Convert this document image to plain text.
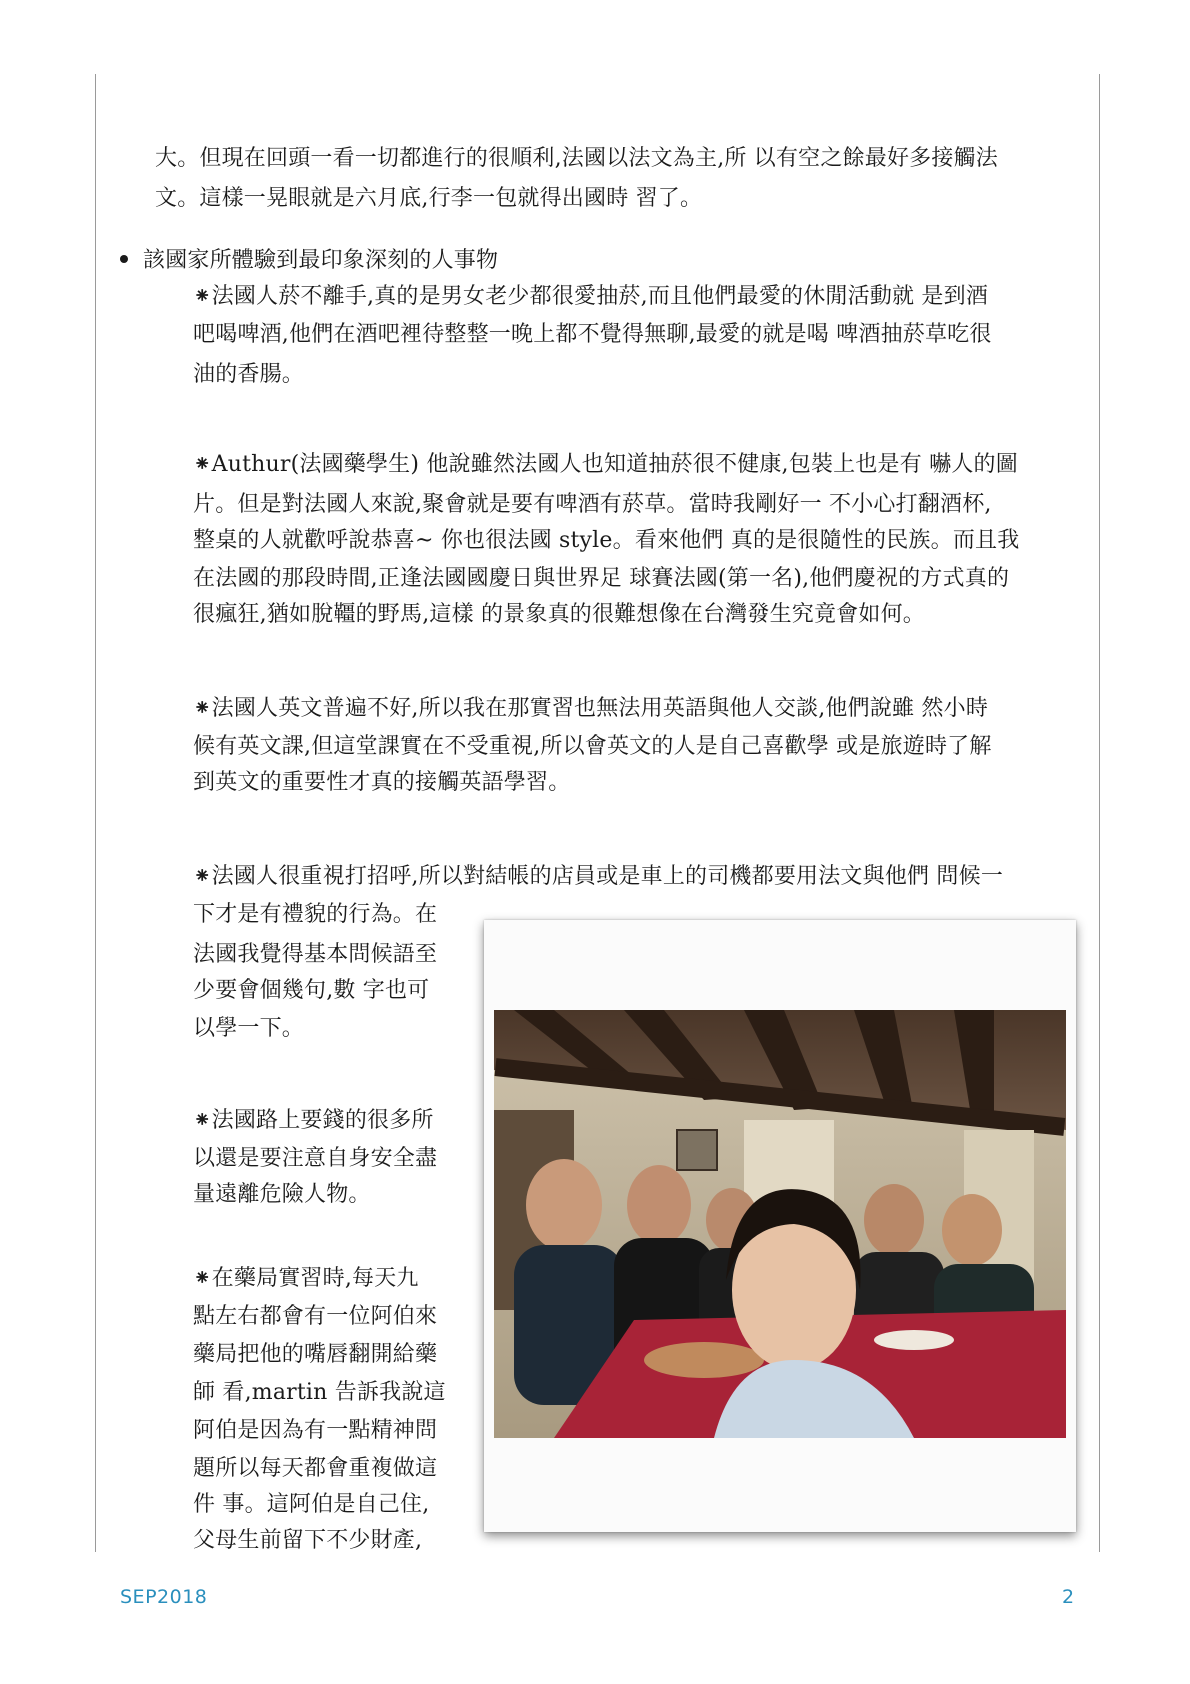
大。但現在回頭一看一切都進行的很順利,法國以法文為主,所 以有空之餘最好多接觸法
文。這樣一晃眼就是六月底,行李一包就得出國時 習了。
該國家所體驗到最印象深刻的人事物
⁕法國人菸不離手,真的是男女老少都很愛抽菸,而且他們最愛的休閒活動就 是到酒
吧喝啤酒,他們在酒吧裡待整整一晚上都不覺得無聊,最愛的就是喝 啤酒抽菸草吃很
油的香腸。
⁕Authur(法國藥學生) 他說雖然法國人也知道抽菸很不健康,包裝上也是有 嚇人的圖
片。但是對法國人來說,聚會就是要有啤酒有菸草。當時我剛好一 不小心打翻酒杯,
整桌的人就歡呼說恭喜~ 你也很法國 style。看來他們 真的是很隨性的民族。而且我
在法國的那段時間,正逢法國國慶日與世界足 球賽法國(第一名),他們慶祝的方式真的
很瘋狂,猶如脫韁的野馬,這樣 的景象真的很難想像在台灣發生究竟會如何。
⁕法國人英文普遍不好,所以我在那實習也無法用英語與他人交談,他們說雖 然小時
候有英文課,但這堂課實在不受重視,所以會英文的人是自己喜歡學 或是旅遊時了解
到英文的重要性才真的接觸英語學習。
⁕法國人很重視打招呼,所以對結帳的店員或是車上的司機都要用法文與他們 問候一
下才是有禮貌的行為。在
法國我覺得基本問候語至
少要會個幾句,數 字也可
以學一下。
⁕法國路上要錢的很多所
以還是要注意自身安全盡
量遠離危險人物。
⁕在藥局實習時,每天九
點左右都會有一位阿伯來
藥局把他的嘴唇翻開給藥
師 看,martin 告訴我說這
阿伯是因為有一點精神問
題所以每天都會重複做這
件 事。這阿伯是自己住,
父母生前留下不少財產,
SEP2018	2
